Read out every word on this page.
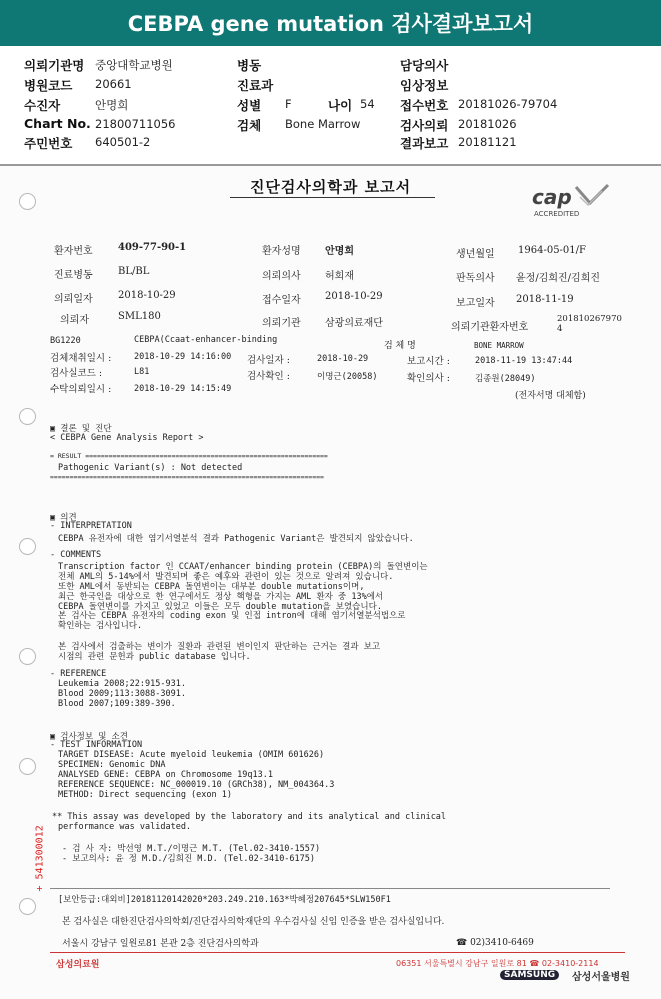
CEBPA gene mutation 검사결과보고서
의뢰기관명 중앙대학교병원
병원코드 20661
수진자	안명희
Chart No. 21800711056
주민번호 640501-2
병동
진료과
성별 F	나이 54
검체 Bone Marrow
담당의사
임상정보
접수번호 20181026-79704
검사의뢰 20181026
결과보고 20181121
진단검사의학과 보고서	cap
ACCREDITED
환자번호	409-77-90-1	환자성명 안명희	생년월일 1964-05-01/F
진료병동	BL/BL	의뢰의사 허희재	판독의사 윤정/김희진/김희진
의뢰일자	2018-10-29	접수일자 2018-10-29
보고일자 2018-11-19
의뢰자	SML180
의뢰기관 삼광의료재단	의뢰기관환자번호
201810267970
4
BG1220	CEBPA(Ccaat-enhancer-binding
검 체 명	BONE MARROW
검체채취일시 :	2018-10-29 14:16:00 검사일자 :	2018-10-29	보고시간 :	2018-11-19 13:47:44
검사실코드 :	L81	검사확인 :	이명근(20058)	확인의사 :	김종원(28049)
수탁의뢰일시 :	2018-10-29 14:15:49
(전자서명 대체함)
▣ 결론 및 진단
< CEBPA Gene Analysis Report >
= RESULT ==============================================================
Pathogenic Variant(s) : Not detected
======================================================================
▣ 의견
- INTERPRETATION
CEBPA 유전자에 대한 염기서열분석 결과 Pathogenic Variant은 발견되지 않았습니다.
- COMMENTS
Transcription factor 인 CCAAT/enhancer binding protein (CEBPA)의 돌연변이는
전체 AML의 5-14%에서 발견되며 좋은 예후와 관련이 있는 것으로 알려져 있습니다.
또한 AML에서 동반되는 CEBPA 돌연변이는 대부분 double mutations이며,
최근 한국인을 대상으로 한 연구에서도 정상 핵형을 가지는 AML 환자 중 13%에서
CEBPA 돌연변이를 가지고 있었고 이들은 모두 double mutation을 보였습니다.
본 검사는 CEBPA 유전자의 coding exon 및 인접 intron에 대해 염기서열분석법으로
확인하는 검사입니다.
본 검사에서 검출하는 변이가 질환과 관련된 변이인지 판단하는 근거는 결과 보고
시점의 관련 문헌과 public database 입니다.
- REFERENCE
Leukemia 2008;22:915-931.
Blood 2009;113:3088-3091.
Blood 2007;109:389-390.
▣ 검사정보 및 소견
- TEST INFORMATION
TARGET DISEASE: Acute myeloid leukemia (OMIM 601626)
SPECIMEN: Genomic DNA
ANALYSED GENE: CEBPA on Chromosome 19q13.1
REFERENCE SEQUENCE: NC_000019.10 (GRCh38), NM_004364.3
METHOD: Direct sequencing (exon 1)
** This assay was developed by the laboratory and its analytical and clinical
performance was validated.
- 검 사 자: 박선영 M.T./이명근 M.T. (Tel.02-3410-1557)
- 보고의사: 윤 정 M.D./김희진 M.D. (Tel.02-3410-6175)
+ 541300012
[보안등급:대외비]20181120142020*203.249.210.163*박혜정207645*SLW150F1
본 검사실은 대한진단검사의학회/진단검사의학재단의 우수검사실 신임 인증을 받은 검사실입니다.
서울시 강남구 일원로81 본관 2층 진단검사의학과	☎ 02)3410-6469
삼성의료원	06351 서울특별시 강남구 일원로 81 ☎ 02-3410-2114
SAMSUNG	삼성서울병원
